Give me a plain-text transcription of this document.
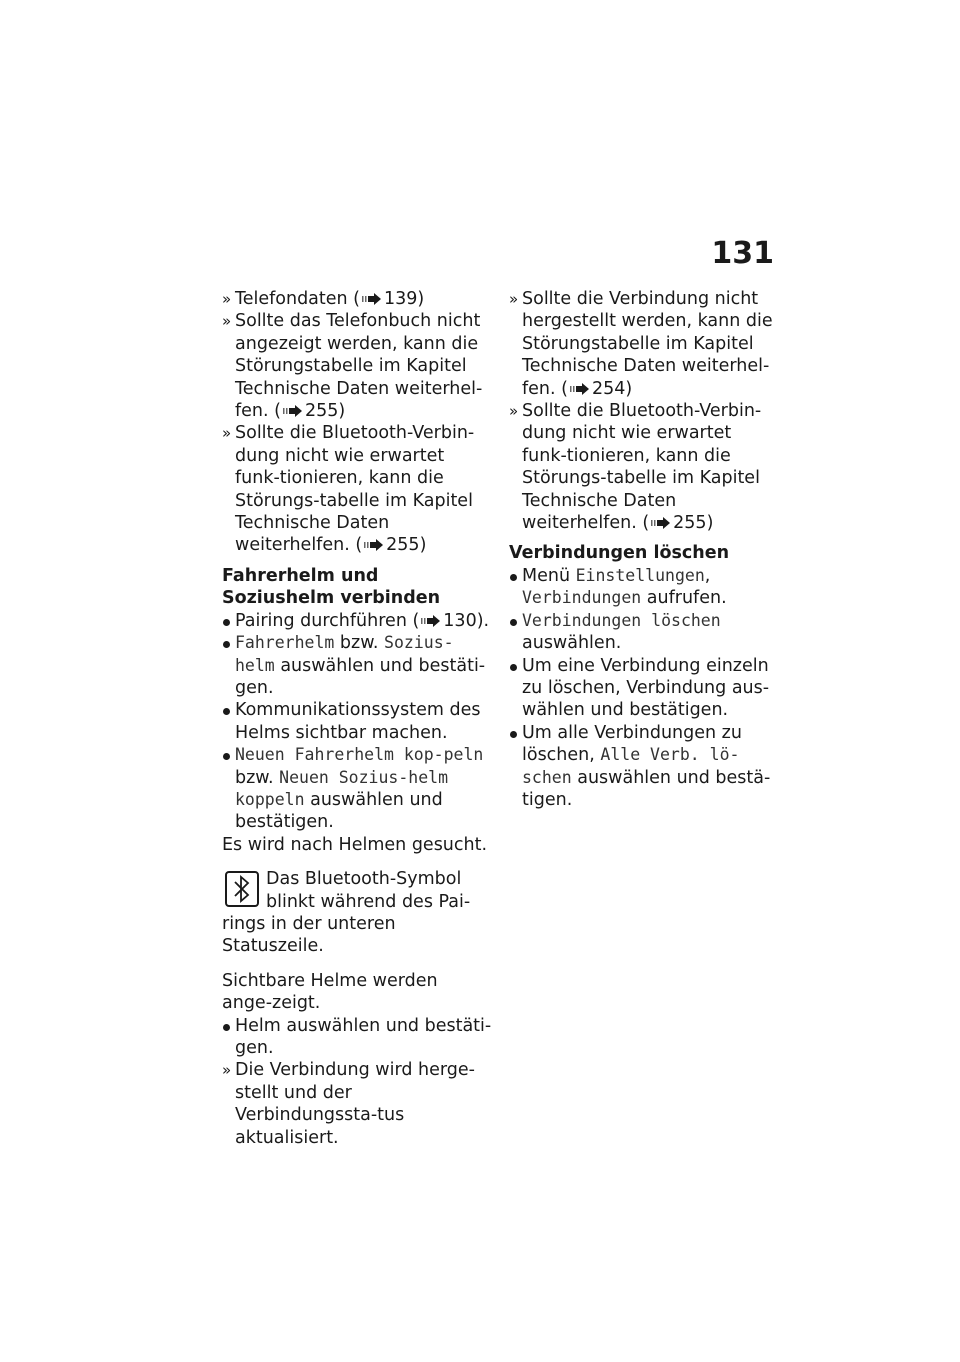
131
» Telefondaten ( 139)
» Sollte das Telefonbuch nicht angezeigt werden, kann die Störungstabelle im Kapitel Technische Daten weiterhel-fen. ( 255)
» Sollte die Bluetooth-Verbin-dung nicht wie erwartet funk-tionieren, kann die Störungs-tabelle im Kapitel Technische Daten weiterhelfen. ( 255)
Fahrerhelm und Soziushelm verbinden
Pairing durchführen ( 130).
Fahrerhelm bzw. Sozius-helm auswählen und bestäti-gen.
Kommunikationssystem des Helms sichtbar machen.
Neuen Fahrerhelm kop-peln bzw. Neuen Sozius-helm koppeln auswählen und bestätigen.
Es wird nach Helmen gesucht.
Das Bluetooth-Symbol blinkt während des Pai-rings in der unteren Statuszeile.
Sichtbare Helme werden ange-zeigt.
Helm auswählen und bestäti-gen.
» Die Verbindung wird herge-stellt und der Verbindungssta-tus aktualisiert.
» Sollte die Verbindung nicht hergestellt werden, kann die Störungstabelle im Kapitel Technische Daten weiterhel-fen. ( 254)
» Sollte die Bluetooth-Verbin-dung nicht wie erwartet funk-tionieren, kann die Störungs-tabelle im Kapitel Technische Daten weiterhelfen. ( 255)
Verbindungen löschen
Menü Einstellungen, Verbindungen aufrufen.
Verbindungen löschen auswählen.
Um eine Verbindung einzeln zu löschen, Verbindung aus-wählen und bestätigen.
Um alle Verbindungen zu löschen, Alle Verb. lö-schen auswählen und bestä-tigen.
